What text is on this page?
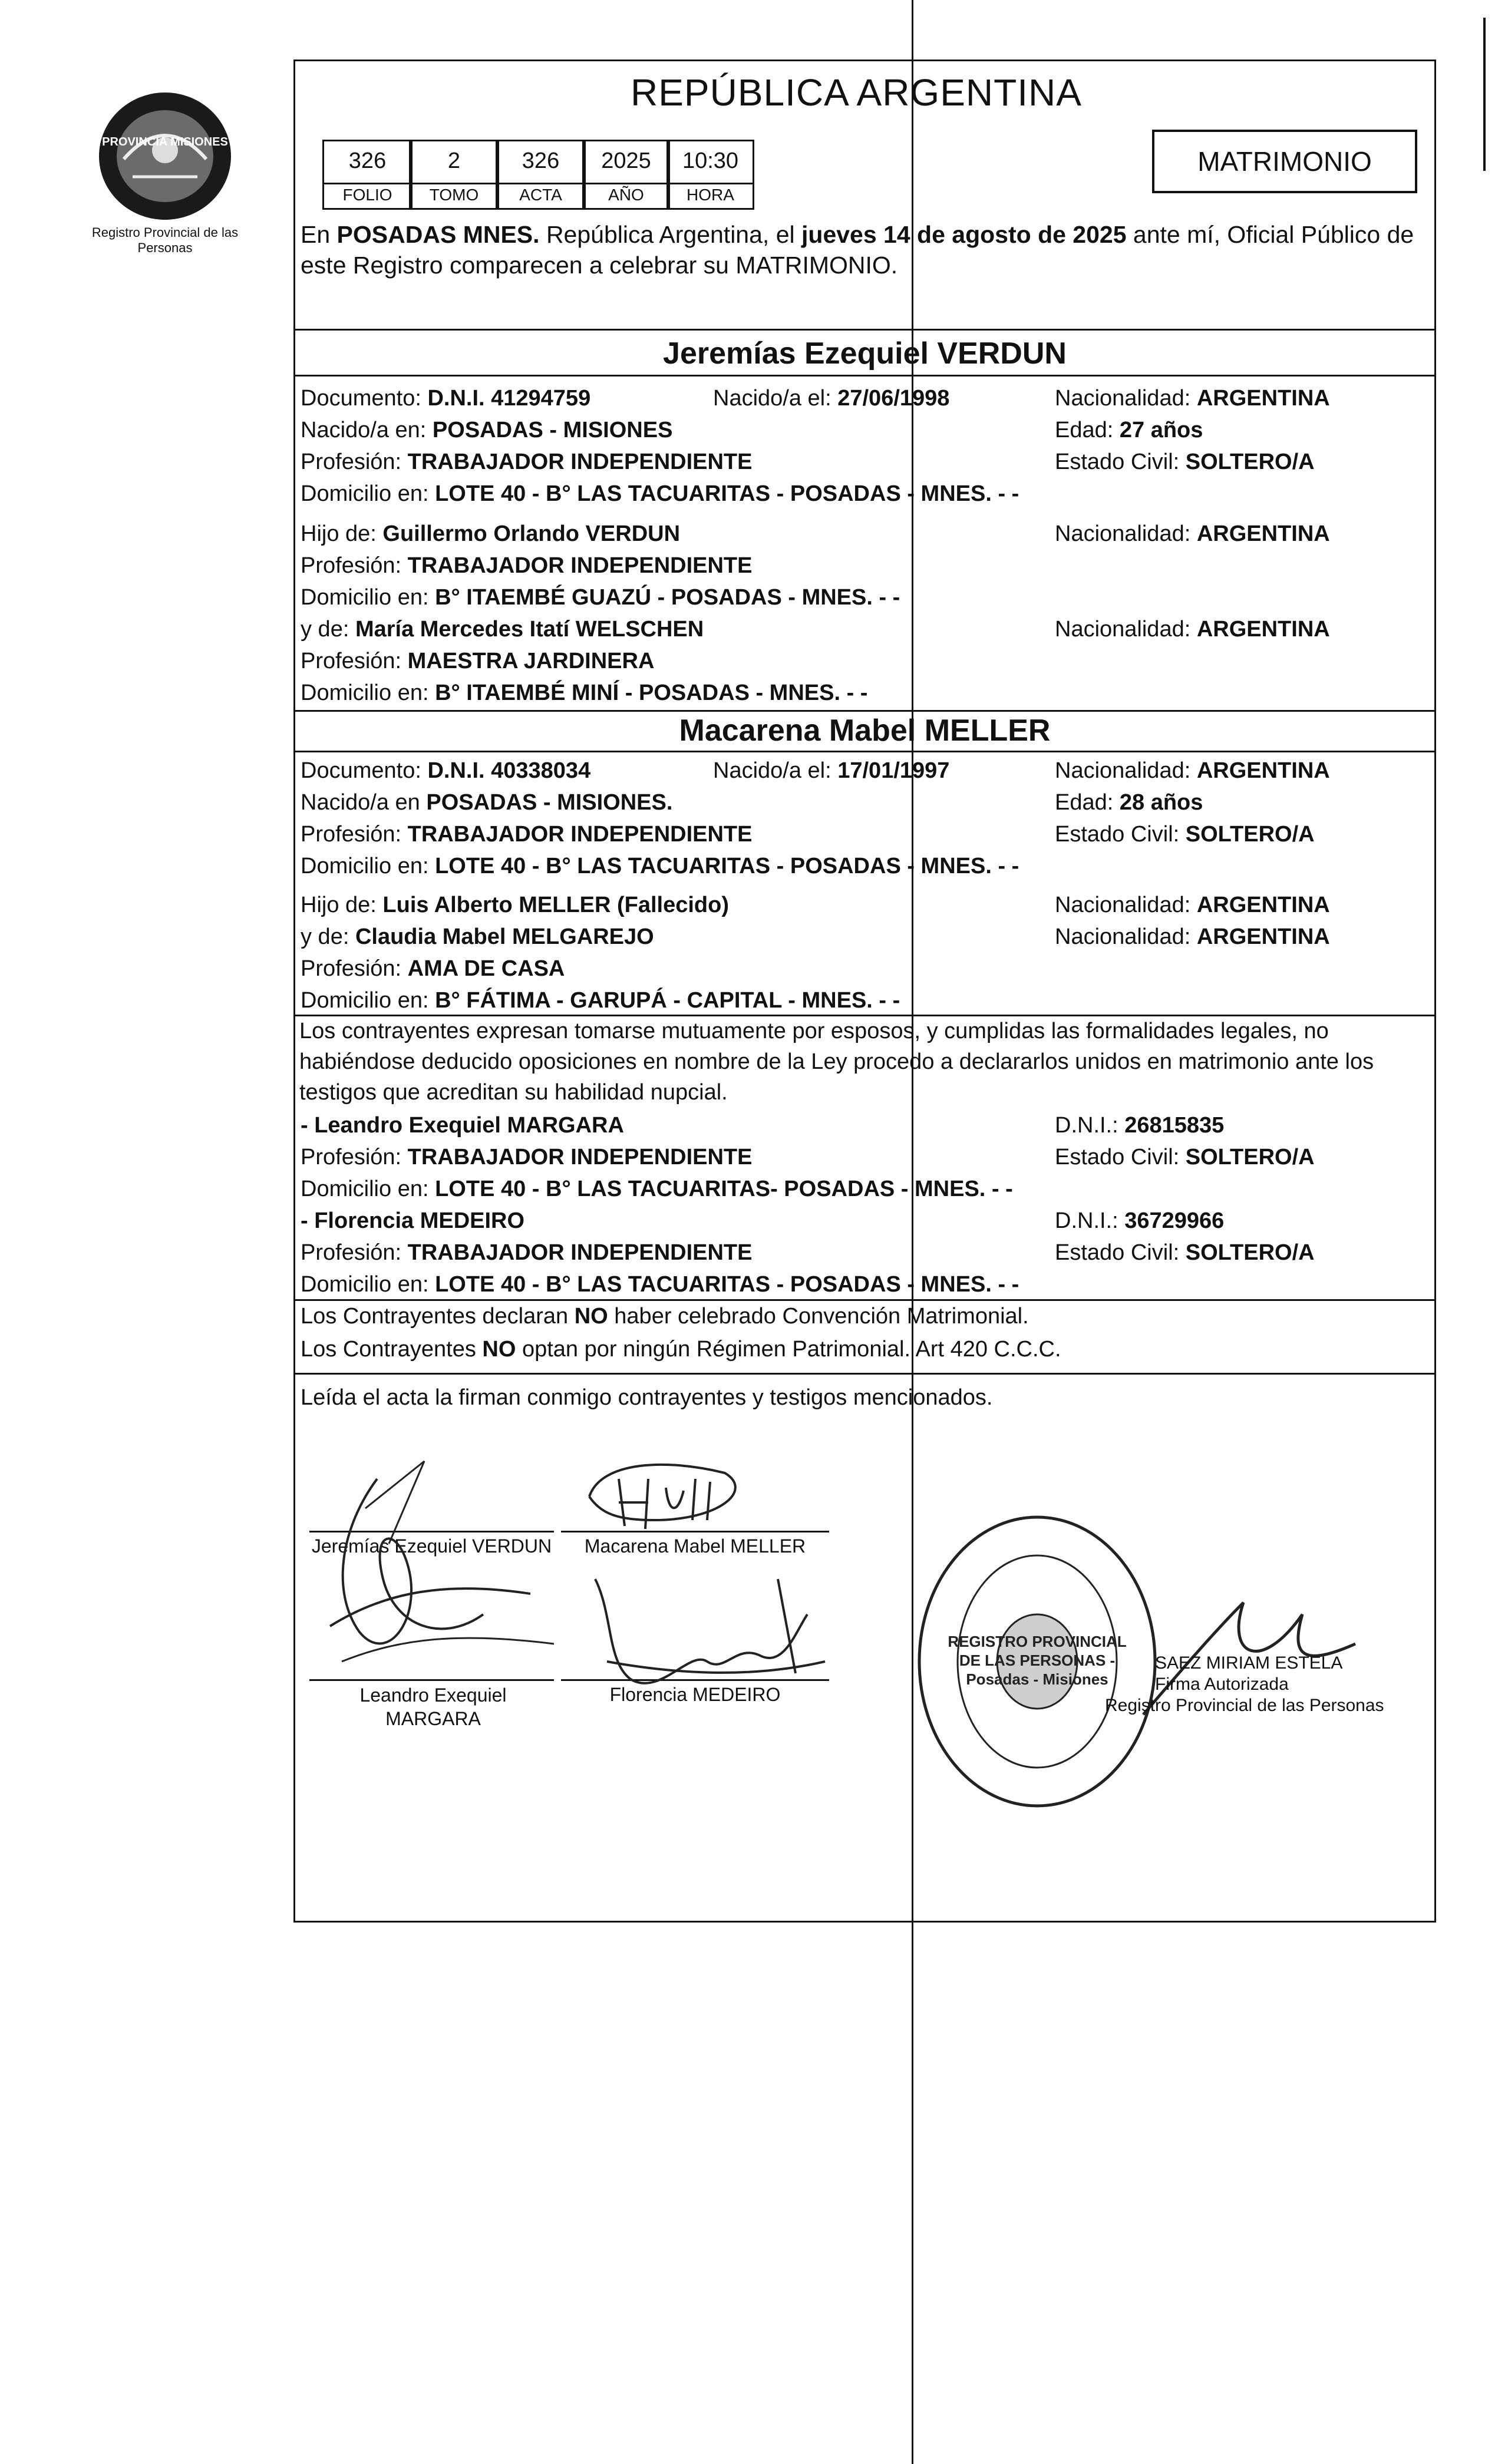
PROVINCIA MISIONES
Registro Provincial de las Personas
REPÚBLICA ARGENTINA
326	2	326	2025	10:30
FOLIO	TOMO	ACTA	AÑO	HORA
MATRIMONIO
En POSADAS MNES. República Argentina, el jueves 14 de agosto de 2025 ante mí, Oficial Público de este Registro comparecen a celebrar su MATRIMONIO.
Jeremías Ezequiel VERDUN
Documento: D.N.I. 41294759	Nacido/a el: 27/06/1998	Nacionalidad: ARGENTINA
Nacido/a en: POSADAS - MISIONES	Edad: 27 años
Profesión: TRABAJADOR INDEPENDIENTE	Estado Civil: SOLTERO/A
Domicilio en: LOTE 40 - B° LAS TACUARITAS - POSADAS - MNES. - -
Hijo de: Guillermo Orlando VERDUN	Nacionalidad: ARGENTINA
Profesión: TRABAJADOR INDEPENDIENTE
Domicilio en: B° ITAEMBÉ GUAZÚ - POSADAS - MNES. - -
y de: María Mercedes Itatí WELSCHEN	Nacionalidad: ARGENTINA
Profesión: MAESTRA JARDINERA
Domicilio en: B° ITAEMBÉ MINÍ - POSADAS - MNES. - -
Macarena Mabel MELLER
Documento: D.N.I. 40338034	Nacido/a el: 17/01/1997	Nacionalidad: ARGENTINA
Nacido/a en POSADAS - MISIONES.	Edad: 28 años
Profesión: TRABAJADOR INDEPENDIENTE	Estado Civil: SOLTERO/A
Domicilio en: LOTE 40 - B° LAS TACUARITAS - POSADAS - MNES. - -
Hijo de: Luis Alberto MELLER (Fallecido)	Nacionalidad: ARGENTINA
y de: Claudia Mabel MELGAREJO	Nacionalidad: ARGENTINA
Profesión: AMA DE CASA
Domicilio en: B° FÁTIMA - GARUPÁ - CAPITAL - MNES. - -
Los contrayentes expresan tomarse mutuamente por esposos, y cumplidas las formalidades legales, no habiéndose deducido oposiciones en nombre de la Ley procedo a declararlos unidos en matrimonio ante los testigos que acreditan su habilidad nupcial.
- Leandro Exequiel MARGARA	D.N.I.: 26815835
Profesión: TRABAJADOR INDEPENDIENTE	Estado Civil: SOLTERO/A
Domicilio en: LOTE 40 - B° LAS TACUARITAS- POSADAS - MNES. - -
- Florencia MEDEIRO	D.N.I.: 36729966
Profesión: TRABAJADOR INDEPENDIENTE	Estado Civil: SOLTERO/A
Domicilio en: LOTE 40 - B° LAS TACUARITAS - POSADAS - MNES. - -
Los Contrayentes declaran NO haber celebrado Convención Matrimonial.
Los Contrayentes NO optan por ningún Régimen Patrimonial. Art 420 C.C.C.
Leída el acta la firman conmigo contrayentes y testigos mencionados.
Jeremías Ezequiel VERDUN	Macarena Mabel MELLER
Leandro Exequiel MARGARA
Florencia MEDEIRO
REGISTRO PROVINCIAL DE LAS PERSONAS - Posadas - Misiones
SAEZ MIRIAM ESTELA
Firma Autorizada
Registro Provincial de las Personas
